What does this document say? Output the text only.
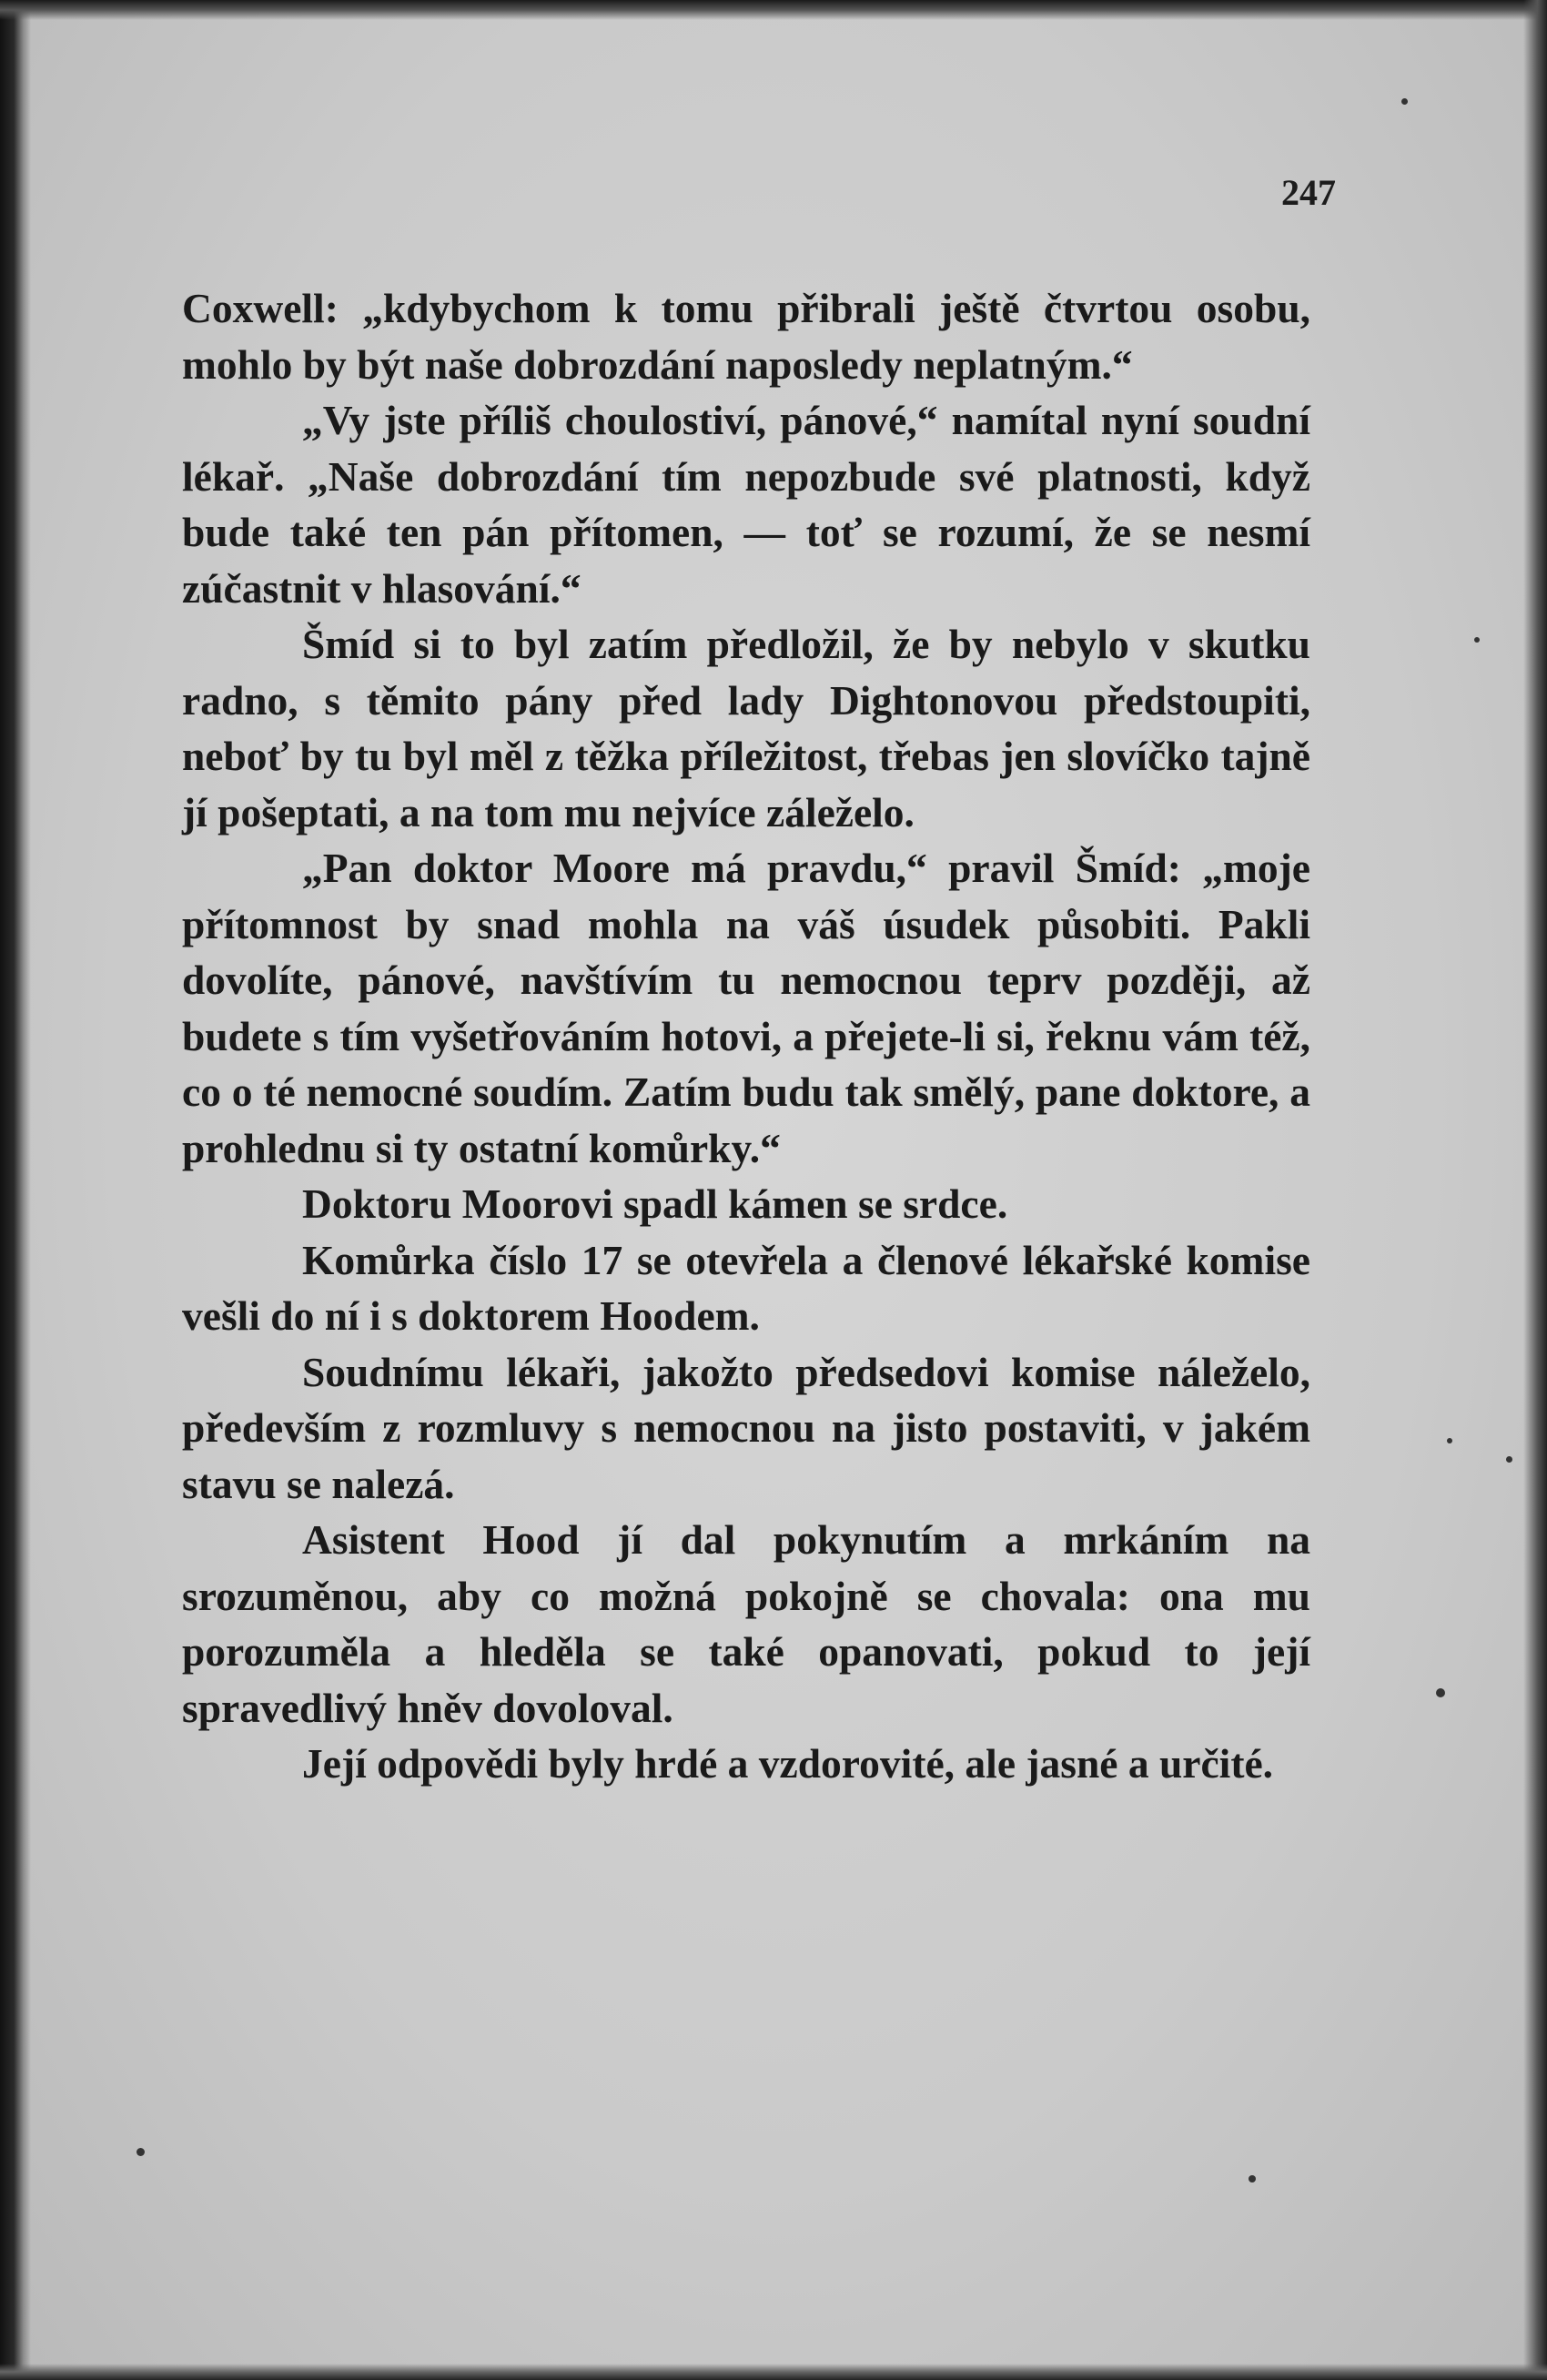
247

Coxwell: „kdybychom k tomu přibrali ještě čtvrtou osobu, mohlo by být naše dobrozdání naposledy neplatným.“

„Vy jste příliš choulostiví, pánové,“ namítal nyní soudní lékař. „Naše dobrozdání tím nepozbude své platnosti, když bude také ten pán přítomen, — toť se rozumí, že se nesmí zúčastnit v hlasování.“

Šmíd si to byl zatím předložil, že by nebylo v skutku radno, s těmito pány před lady Dightonovou předstoupiti, neboť by tu byl měl z těžka příležitost, třebas jen slovíčko tajně jí pošeptati, a na tom mu nejvíce záleželo.

„Pan doktor Moore má pravdu,“ pravil Šmíd: „moje přítomnost by snad mohla na váš úsudek působiti. Pakli dovolíte, pánové, navštívím tu nemocnou teprv později, až budete s tím vyšetřováním hotovi, a přejete-li si, řeknu vám též, co o té nemocné soudím. Zatím budu tak smělý, pane doktore, a prohlednu si ty ostatní komůrky.“

Doktoru Moorovi spadl kámen se srdce.

Komůrka číslo 17 se otevřela a členové lékařské komise vešli do ní i s doktorem Hoodem.

Soudnímu lékaři, jakožto předsedovi komise náleželo, především z rozmluvy s nemocnou na jisto postaviti, v jakém stavu se nalezá.

Asistent Hood jí dal pokynutím a mrkáním na srozuměnou, aby co možná pokojně se chovala: ona mu porozuměla a hleděla se také opanovati, pokud to její spravedlivý hněv dovoloval.

Její odpovědi byly hrdé a vzdorovité, ale jasné a určité.
